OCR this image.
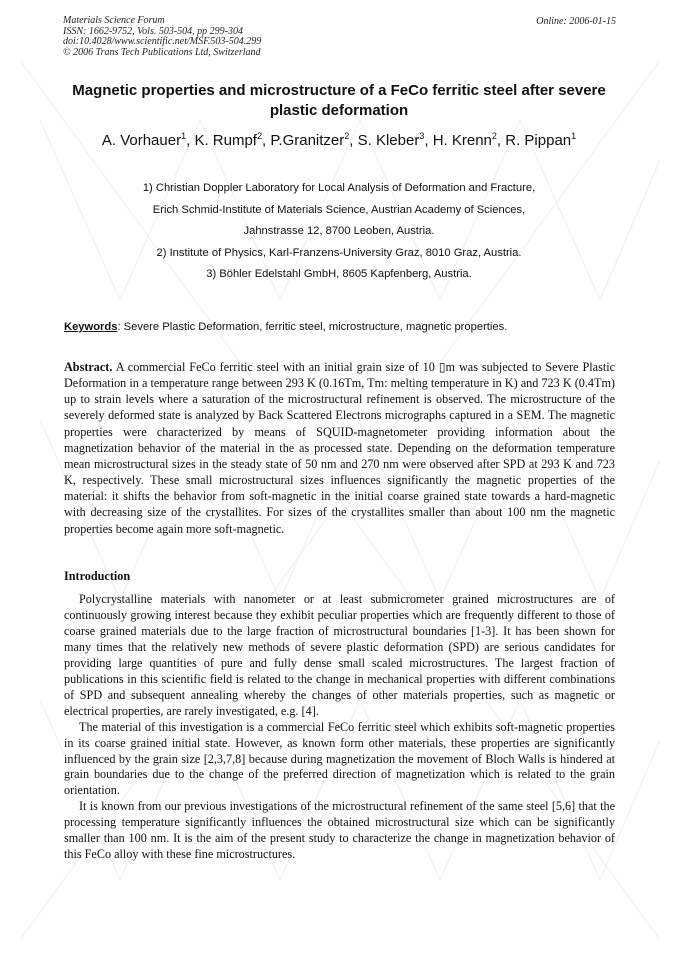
Materials Science Forum
ISSN: 1662-9752, Vols. 503-504, pp 299-304
doi:10.4028/www.scientific.net/MSF.503-504.299
© 2006 Trans Tech Publications Ltd, Switzerland
Online: 2006-01-15
Magnetic properties and microstructure of a FeCo ferritic steel after severe plastic deformation
A. Vorhauer$^1$, K. Rumpf$^2$, P.Granitzer$^2$, S. Kleber$^3$, H. Krenn$^2$, R. Pippan$^1$
1) Christian Doppler Laboratory for Local Analysis of Deformation and Fracture,
Erich Schmid-Institute of Materials Science, Austrian Academy of Sciences,
Jahnstrasse 12, 8700 Leoben, Austria.
2) Institute of Physics, Karl-Franzens-University Graz, 8010 Graz, Austria.
3) Böhler Edelstahl GmbH, 8605 Kapfenberg, Austria.
Keywords: Severe Plastic Deformation, ferritic steel, microstructure, magnetic properties.

Abstract. A commercial FeCo ferritic steel with an initial grain size of 10 ▯m was subjected to Severe Plastic Deformation in a temperature range between 293 K (0.16Tm, Tm: melting temperature in K) and 723 K (0.4Tm) up to strain levels where a saturation of the microstructural refinement is observed. The microstructure of the severely deformed state is analyzed by Back Scattered Electrons micrographs captured in a SEM. The magnetic properties were characterized by means of SQUID-magnetometer providing information about the magnetization behavior of the material in the as processed state. Depending on the deformation temperature mean microstructural sizes in the steady state of 50 nm and 270 nm were observed after SPD at 293 K and 723 K, respectively. These small microstructural sizes influences significantly the magnetic properties of the material: it shifts the behavior from soft-magnetic in the initial coarse grained state towards a hard-magnetic with decreasing size of the crystallites. For sizes of the crystallites smaller than about 100 nm the magnetic properties become again more soft-magnetic.

Introduction

Polycrystalline materials with nanometer or at least submicrometer grained microstructures are of continuously growing interest because they exhibit peculiar properties which are frequently different to those of coarse grained materials due to the large fraction of microstructural boundaries [1-3]. It has been shown for many times that the relatively new methods of severe plastic deformation (SPD) are serious candidates for providing large quantities of pure and fully dense small scaled microstructures. The largest fraction of publications in this scientific field is related to the change in mechanical properties with different combinations of SPD and subsequent annealing whereby the changes of other materials properties, such as magnetic or electrical properties, are rarely investigated, e.g. [4].

The material of this investigation is a commercial FeCo ferritic steel which exhibits soft-magnetic properties in its coarse grained initial state. However, as known form other materials, these properties are significantly influenced by the grain size [2,3,7,8] because during magnetization the movement of Bloch Walls is hindered at grain boundaries due to the change of the preferred direction of magnetization which is related to the grain orientation.

It is known from our previous investigations of the microstructural refinement of the same steel [5,6] that the processing temperature significantly influences the obtained microstructural size which can be significantly smaller than 100 nm. It is the aim of the present study to characterize the change in magnetization behavior of this FeCo alloy with these fine microstructures.
